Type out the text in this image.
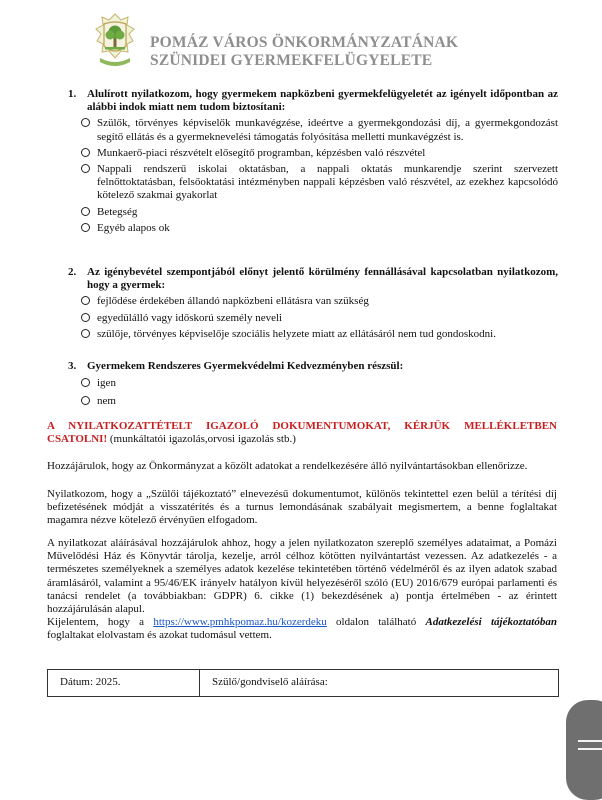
POMÁZ VÁROS ÖNKORMÁNYZATÁNAK
SZÜNIDEI GYERMEKFELÜGYELETE
1. Alulírott nyilatkozom, hogy gyermekem napközbeni gyermekfelügyeletét az igényelt időpontban az alábbi indok miatt nem tudom biztosítani:
Szülők, törvényes képviselők munkavégzése, ideértve a gyermekgondozási díj, a gyermekgondozást segítő ellátás és a gyermeknevelési támogatás folyósítása melletti munkavégzést is.
Munkaerő-piaci részvételt elősegítő programban, képzésben való részvétel
Nappali rendszerű iskolai oktatásban, a nappali oktatás munkarendje szerint szervezett felnőttoktatásban, felsőoktatási intézményben nappali képzésben való részvétel, az ezekhez kapcsolódó kötelező szakmai gyakorlat
Betegség
Egyéb alapos ok
2. Az igénybevétel szempontjából előnyt jelentő körülmény fennállásával kapcsolatban nyilatkozom, hogy a gyermek:
fejlődése érdekében állandó napközbeni ellátásra van szükség
egyedülálló vagy időskorú személy neveli
szülője, törvényes képviselője szociális helyzete miatt az ellátásáról nem tud gondoskodni.
3. Gyermekem Rendszeres Gyermekvédelmi Kedvezményben részsül:
igen
nem
A NYILATKOZATTÉTELT IGAZOLÓ DOKUMENTUMOKAT, KÉRJÜK MELLÉKLETBEN CSATOLNI! (munkáltatói igazolás,orvosi igazolás stb.)
Hozzájárulok, hogy az Önkormányzat a közölt adatokat a rendelkezésére álló nyilvántartásokban ellenőrizze.
Nyilatkozom, hogy a „Szülői tájékoztató” elnevezésű dokumentumot, különös tekintettel ezen belül a térítési díj befizetésének módját a visszatérítés és a turnus lemondásának szabályait megismertem, a benne foglaltakat magamra nézve kötelező érvényűen elfogadom.
A nyilatkozat aláírásával hozzájárulok ahhoz, hogy a jelen nyilatkozaton szereplő személyes adataimat, a Pomázi Művelődési Ház és Könyvtár tárolja, kezelje, arról célhoz kötötten nyilvántartást vezessen. Az adatkezelés - a természetes személyeknek a személyes adatok kezelése tekintetében történő védelméről és az ilyen adatok szabad áramlásáról, valamint a 95/46/EK irányelv hatályon kívül helyezéséről szóló (EU) 2016/679 európai parlamenti és tanácsi rendelet (a továbbiakban: GDPR) 6. cikke (1) bekezdésének a) pontja értelmében - az érintett hozzájárulásán alapul.
Kijelentem, hogy a https://www.pmhkpomaz.hu/kozerdeku oldalon található Adatkezelési tájékoztatóban foglaltakat elolvastam és azokat tudomásul vettem.
Dátum: 2025.	Szülő/gondviselő aláírása:
